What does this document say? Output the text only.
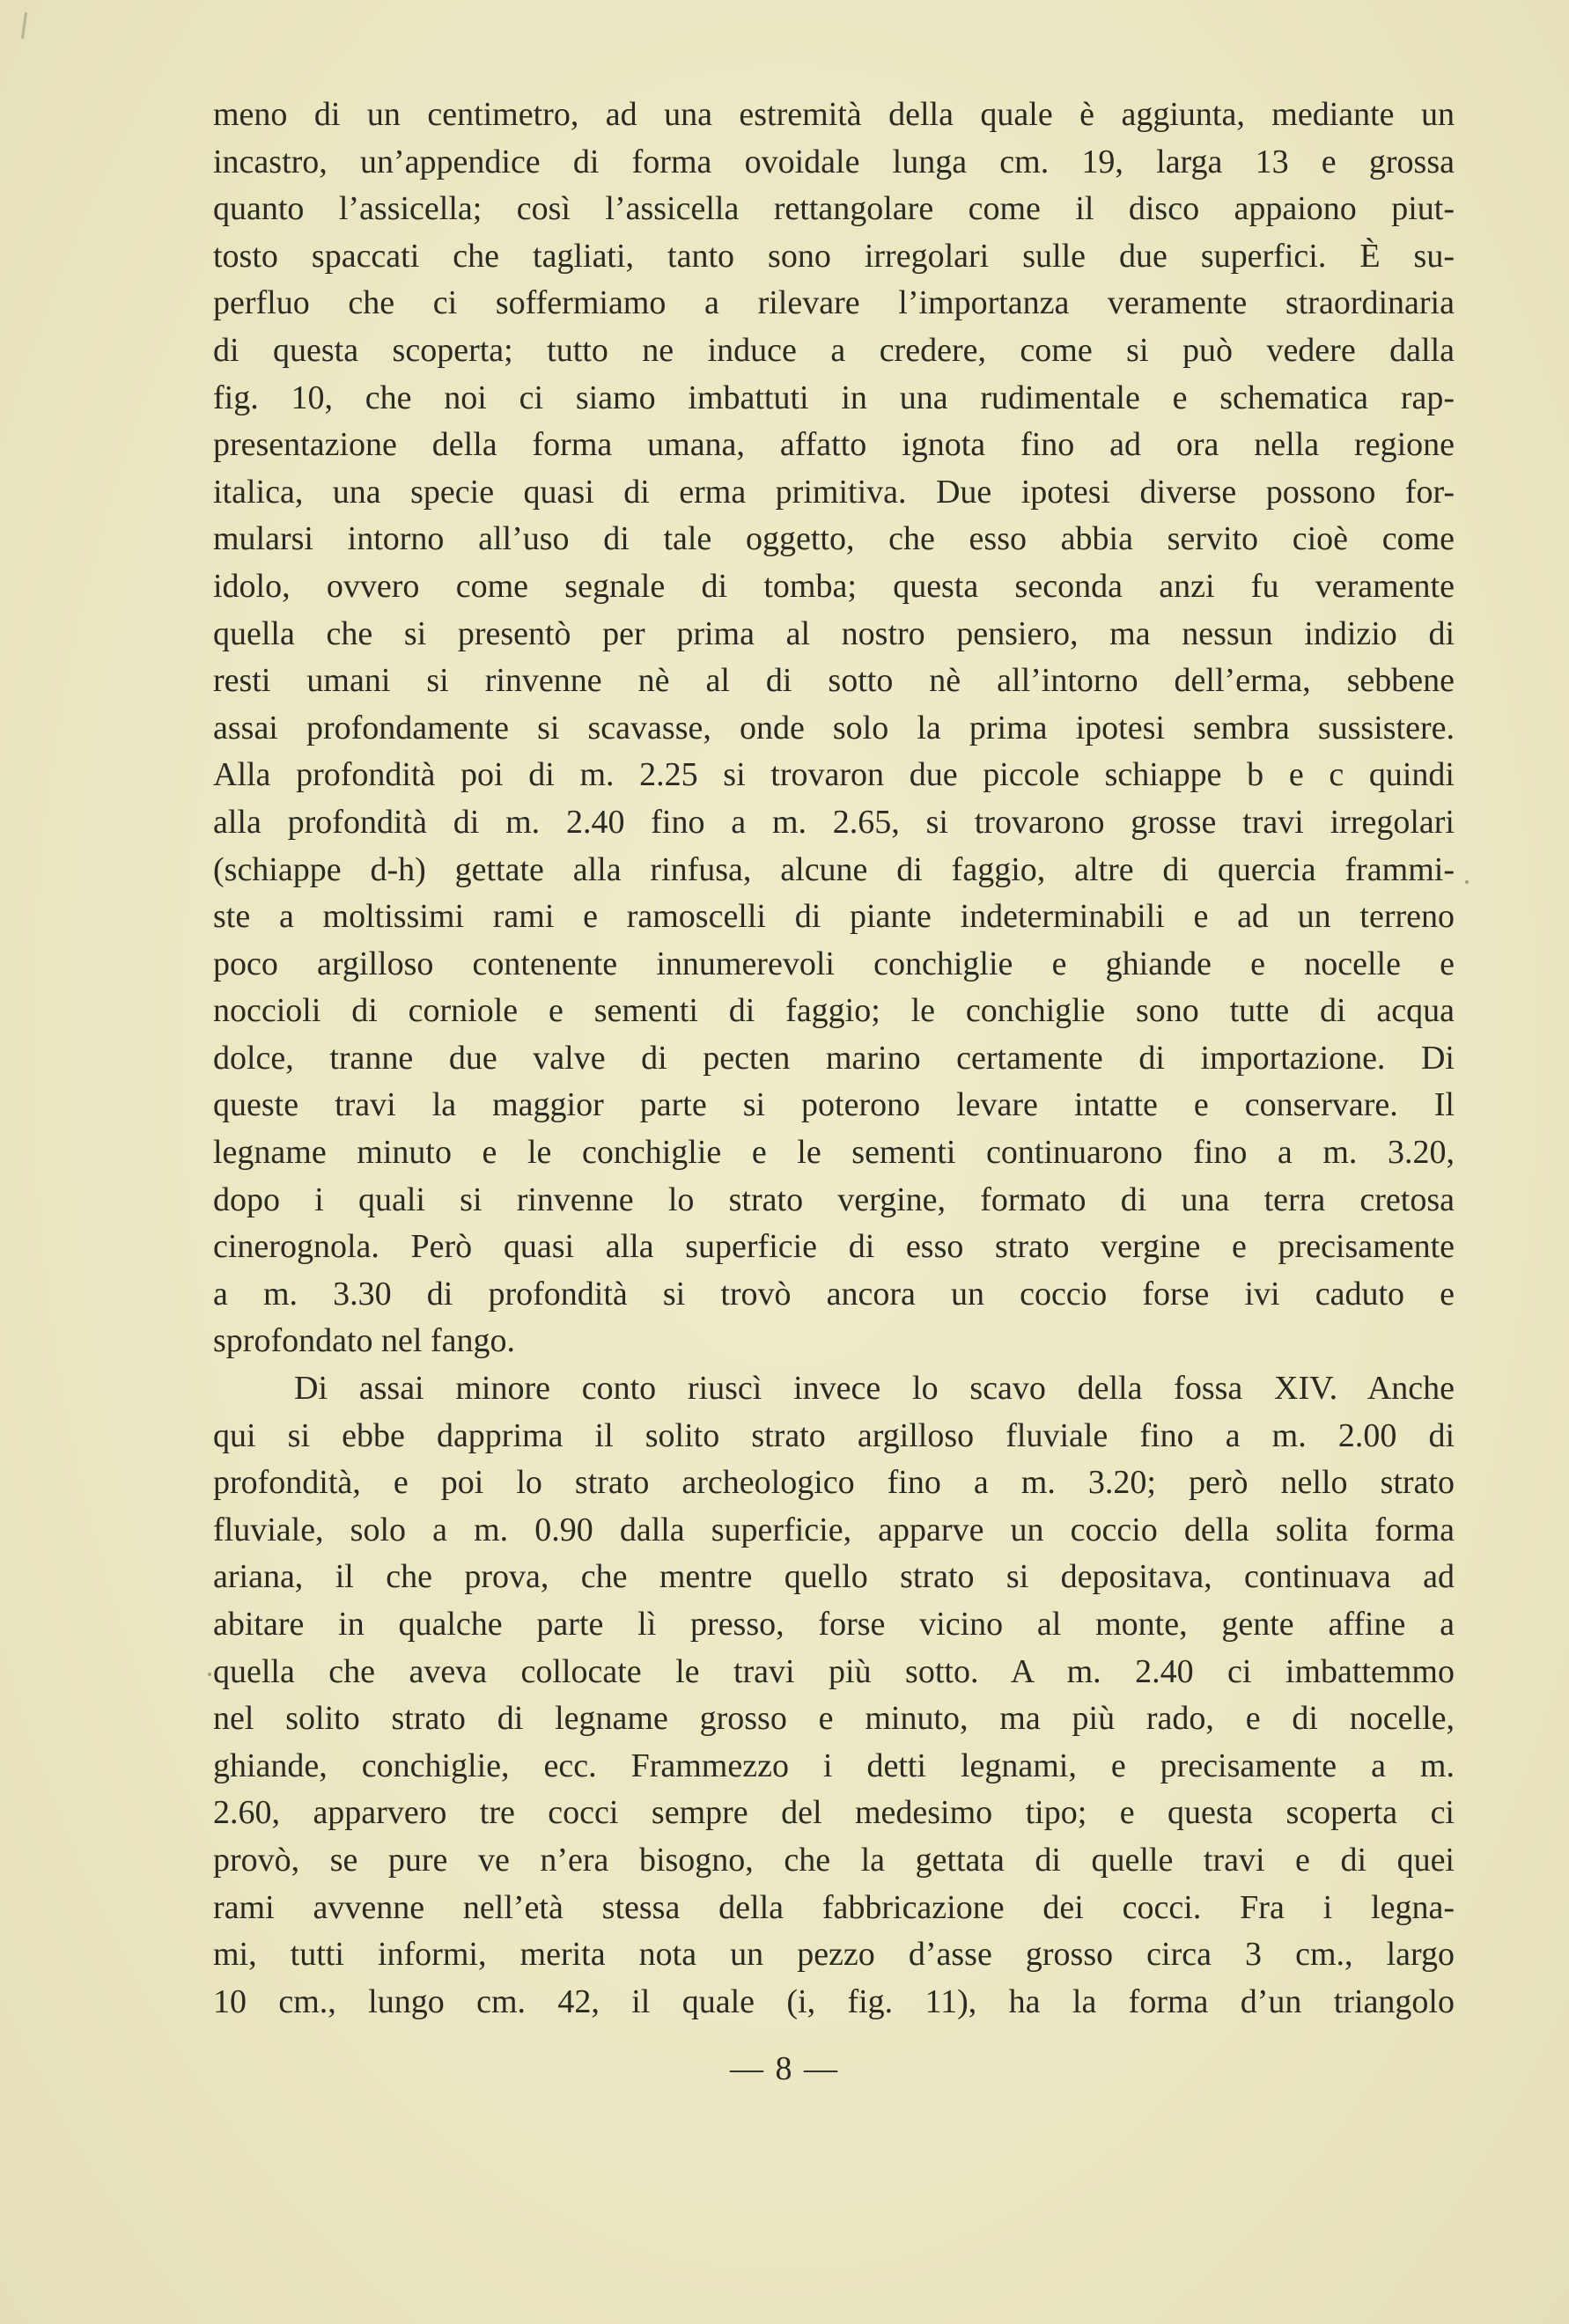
meno di un centimetro, ad una estremità della quale è aggiunta, mediante un
incastro, un’appendice di forma ovoidale lunga cm. 19, larga 13 e grossa
quanto l’assicella; così l’assicella rettangolare come il disco appaiono piut-
tosto spaccati che tagliati, tanto sono irregolari sulle due superfici. È su-
perfluo che ci soffermiamo a rilevare l’importanza veramente straordinaria
di questa scoperta; tutto ne induce a credere, come si può vedere dalla
fig. 10, che noi ci siamo imbattuti in una rudimentale e schematica rap-
presentazione della forma umana, affatto ignota fino ad ora nella regione
italica, una specie quasi di erma primitiva. Due ipotesi diverse possono for-
mularsi intorno all’uso di tale oggetto, che esso abbia servito cioè come
idolo, ovvero come segnale di tomba; questa seconda anzi fu veramente
quella che si presentò per prima al nostro pensiero, ma nessun indizio di
resti umani si rinvenne nè al di sotto nè all’intorno dell’erma, sebbene
assai profondamente si scavasse, onde solo la prima ipotesi sembra sussistere.
Alla profondità poi di m. 2.25 si trovaron due piccole schiappe b e c quindi
alla profondità di m. 2.40 fino a m. 2.65, si trovarono grosse travi irregolari
(schiappe d-h) gettate alla rinfusa, alcune di faggio, altre di quercia frammi-
ste a moltissimi rami e ramoscelli di piante indeterminabili e ad un terreno
poco argilloso contenente innumerevoli conchiglie e ghiande e nocelle e
noccioli di corniole e sementi di faggio; le conchiglie sono tutte di acqua
dolce, tranne due valve di pecten marino certamente di importazione. Di
queste travi la maggior parte si poterono levare intatte e conservare. Il
legname minuto e le conchiglie e le sementi continuarono fino a m. 3.20,
dopo i quali si rinvenne lo strato vergine, formato di una terra cretosa
cinerognola. Però quasi alla superficie di esso strato vergine e precisamente
a m. 3.30 di profondità si trovò ancora un coccio forse ivi caduto e
sprofondato nel fango.
Di assai minore conto riuscì invece lo scavo della fossa XIV. Anche
qui si ebbe dapprima il solito strato argilloso fluviale fino a m. 2.00 di
profondità, e poi lo strato archeologico fino a m. 3.20; però nello strato
fluviale, solo a m. 0.90 dalla superficie, apparve un coccio della solita forma
ariana, il che prova, che mentre quello strato si depositava, continuava ad
abitare in qualche parte lì presso, forse vicino al monte, gente affine a
quella che aveva collocate le travi più sotto. A m. 2.40 ci imbattemmo
nel solito strato di legname grosso e minuto, ma più rado, e di nocelle,
ghiande, conchiglie, ecc. Frammezzo i detti legnami, e precisamente a m.
2.60, apparvero tre cocci sempre del medesimo tipo; e questa scoperta ci
provò, se pure ve n’era bisogno, che la gettata di quelle travi e di quei
rami avvenne nell’età stessa della fabbricazione dei cocci. Fra i legna-
mi, tutti informi, merita nota un pezzo d’asse grosso circa 3 cm., largo
10 cm., lungo cm. 42, il quale (i, fig. 11), ha la forma d’un triangolo
— 8 —
